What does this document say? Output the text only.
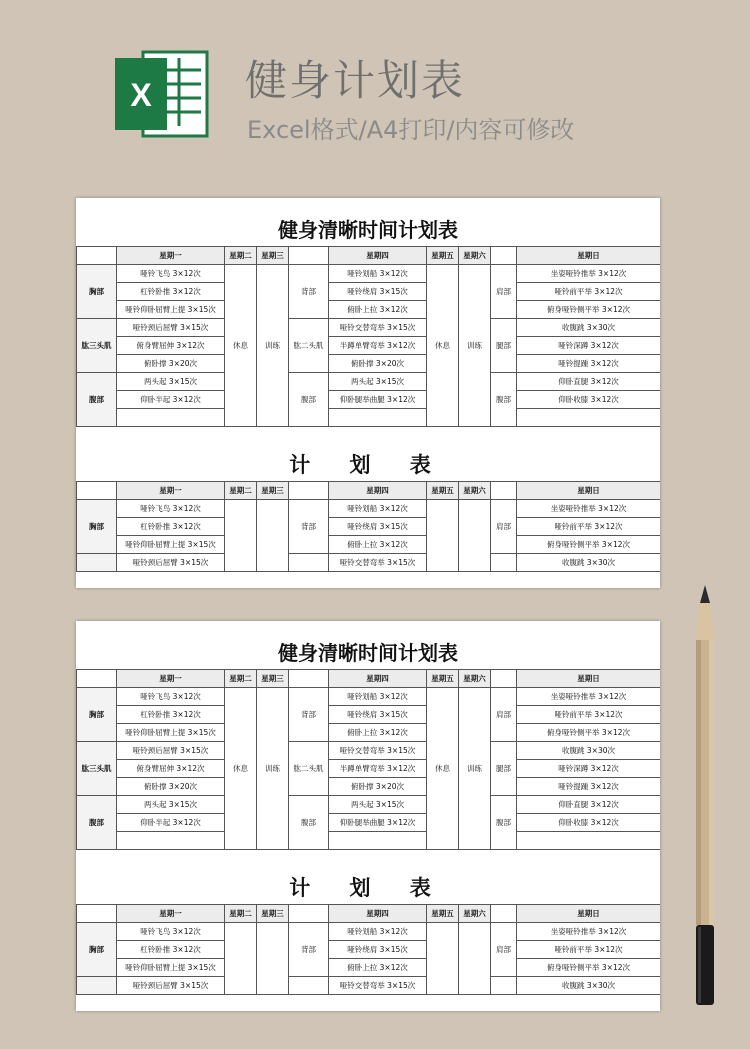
X 健身计划表
Excel格式/A4打印/内容可修改
健身清晰时间计划表
	星期一	星期二	星期三		星期四	星期五	星期六		星期日
胸部	哑铃飞鸟 3×12次	休息	训练	背部	哑铃划船 3×12次	休息	训练	肩部	坐姿哑铃推举 3×12次
杠铃卧推 3×12次	哑铃绕肩 3×15次	哑铃前平举 3×12次
哑铃仰卧屈臂上提 3×15次	俯卧上拉 3×12次	俯身哑铃侧平举 3×12次
肱三头肌	哑铃颈后屈臂 3×15次	肱二头肌	哑铃交替弯举 3×15次	腿部	收腹跳 3×30次
俯身臂屈伸 3×12次	半蹲单臂弯举 3×12次	哑铃深蹲 3×12次
俯卧撑 3×20次	俯卧撑 3×20次	哑铃提踵 3×12次
腹部	两头起 3×15次	腹部	两头起 3×15次	腹部	仰卧直腿 3×12次
仰卧半起 3×12次	仰卧腿举曲腿 3×12次	仰卧收膝 3×12次

计 划 表
	星期一	星期二	星期三		星期四	星期五	星期六		星期日
胸部	哑铃飞鸟 3×12次			背部	哑铃划船 3×12次			肩部	坐姿哑铃推举 3×12次
杠铃卧推 3×12次	哑铃绕肩 3×15次	哑铃前平举 3×12次
哑铃仰卧屈臂上提 3×15次	俯卧上拉 3×12次	俯身哑铃侧平举 3×12次
	哑铃颈后屈臂 3×15次		哑铃交替弯举 3×15次		收腹跳 3×30次
健身清晰时间计划表
	星期一	星期二	星期三		星期四	星期五	星期六		星期日
胸部	哑铃飞鸟 3×12次	休息	训练	背部	哑铃划船 3×12次	休息	训练	肩部	坐姿哑铃推举 3×12次
杠铃卧推 3×12次	哑铃绕肩 3×15次	哑铃前平举 3×12次
哑铃仰卧屈臂上提 3×15次	俯卧上拉 3×12次	俯身哑铃侧平举 3×12次
肱三头肌	哑铃颈后屈臂 3×15次	肱二头肌	哑铃交替弯举 3×15次	腿部	收腹跳 3×30次
俯身臂屈伸 3×12次	半蹲单臂弯举 3×12次	哑铃深蹲 3×12次
俯卧撑 3×20次	俯卧撑 3×20次	哑铃提踵 3×12次
腹部	两头起 3×15次	腹部	两头起 3×15次	腹部	仰卧直腿 3×12次
仰卧半起 3×12次	仰卧腿举曲腿 3×12次	仰卧收膝 3×12次

计 划 表
	星期一	星期二	星期三		星期四	星期五	星期六		星期日
胸部	哑铃飞鸟 3×12次			背部	哑铃划船 3×12次			肩部	坐姿哑铃推举 3×12次
杠铃卧推 3×12次	哑铃绕肩 3×15次	哑铃前平举 3×12次
哑铃仰卧屈臂上提 3×15次	俯卧上拉 3×12次	俯身哑铃侧平举 3×12次
	哑铃颈后屈臂 3×15次		哑铃交替弯举 3×15次		收腹跳 3×30次
